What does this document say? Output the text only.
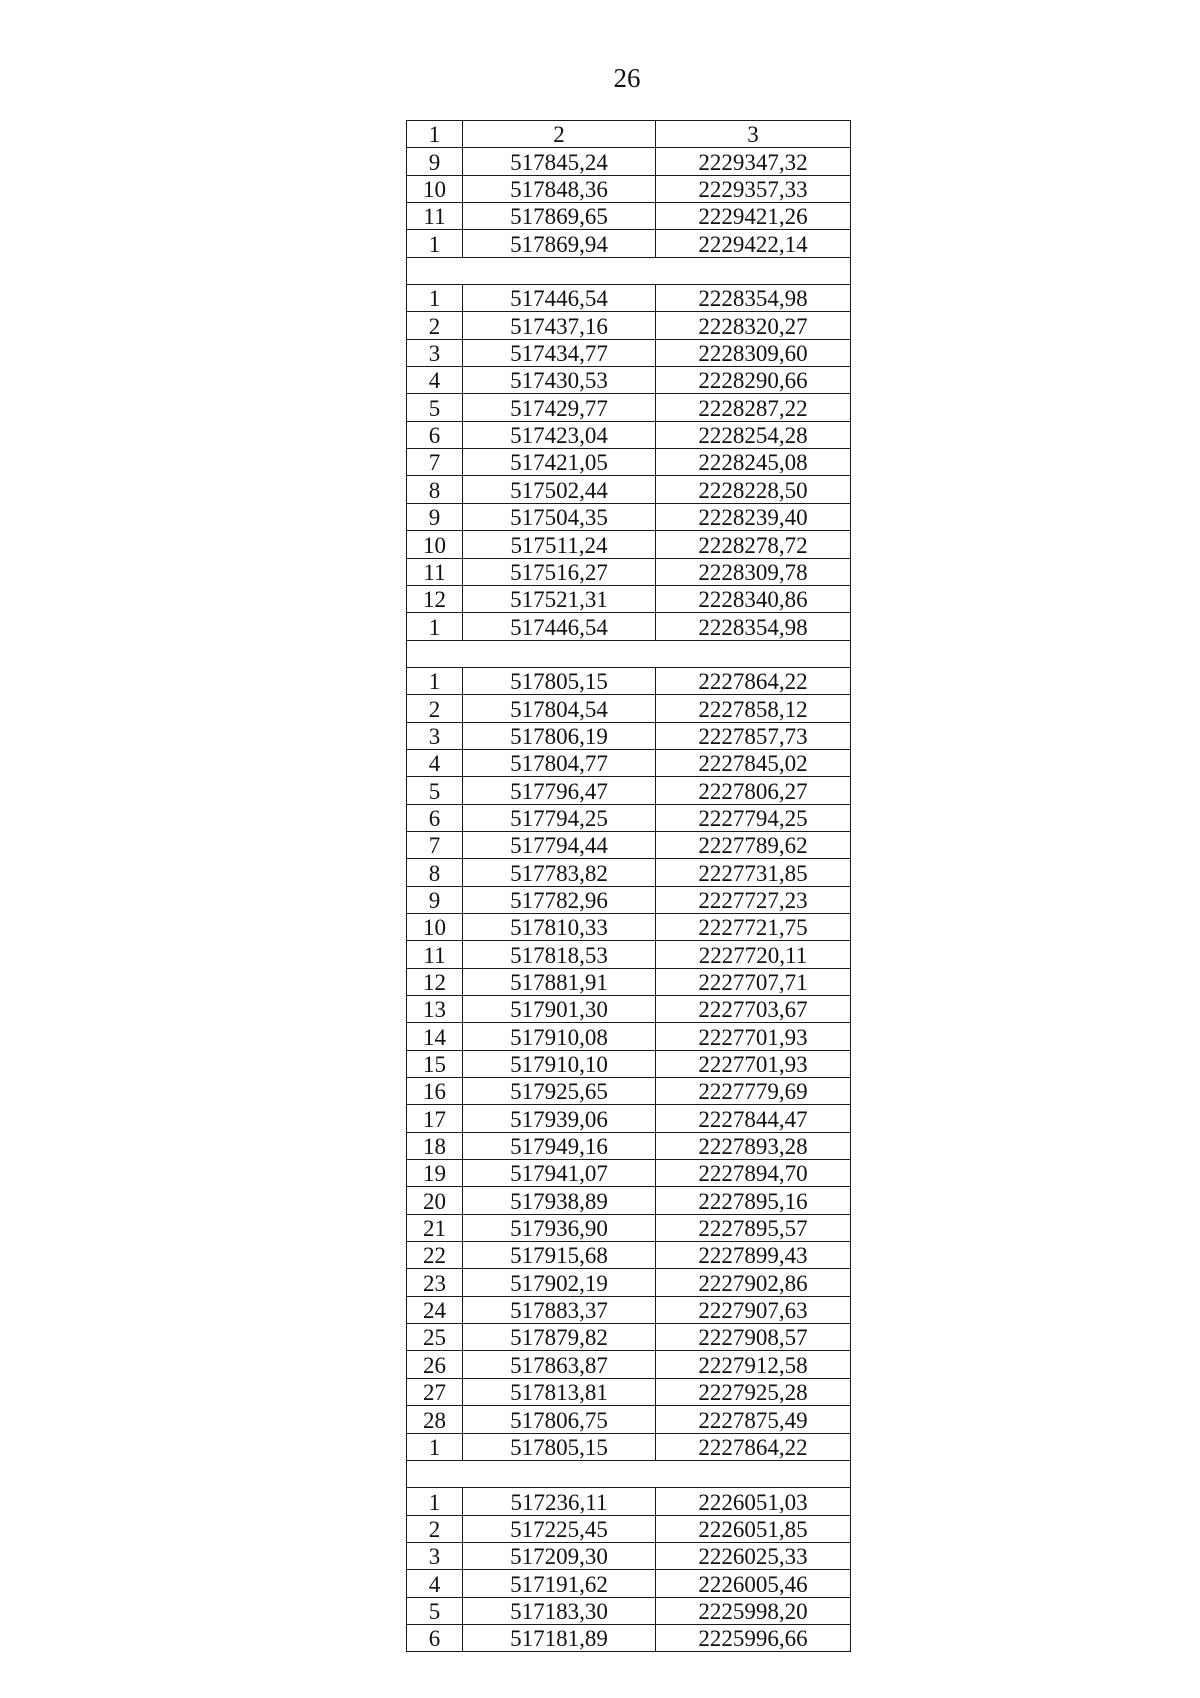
26
1	2	3
9	517845,24	2229347,32
10	517848,36	2229357,33
11	517869,65	2229421,26
1	517869,94	2229422,14

1	517446,54	2228354,98
2	517437,16	2228320,27
3	517434,77	2228309,60
4	517430,53	2228290,66
5	517429,77	2228287,22
6	517423,04	2228254,28
7	517421,05	2228245,08
8	517502,44	2228228,50
9	517504,35	2228239,40
10	517511,24	2228278,72
11	517516,27	2228309,78
12	517521,31	2228340,86
1	517446,54	2228354,98

1	517805,15	2227864,22
2	517804,54	2227858,12
3	517806,19	2227857,73
4	517804,77	2227845,02
5	517796,47	2227806,27
6	517794,25	2227794,25
7	517794,44	2227789,62
8	517783,82	2227731,85
9	517782,96	2227727,23
10	517810,33	2227721,75
11	517818,53	2227720,11
12	517881,91	2227707,71
13	517901,30	2227703,67
14	517910,08	2227701,93
15	517910,10	2227701,93
16	517925,65	2227779,69
17	517939,06	2227844,47
18	517949,16	2227893,28
19	517941,07	2227894,70
20	517938,89	2227895,16
21	517936,90	2227895,57
22	517915,68	2227899,43
23	517902,19	2227902,86
24	517883,37	2227907,63
25	517879,82	2227908,57
26	517863,87	2227912,58
27	517813,81	2227925,28
28	517806,75	2227875,49
1	517805,15	2227864,22

1	517236,11	2226051,03
2	517225,45	2226051,85
3	517209,30	2226025,33
4	517191,62	2226005,46
5	517183,30	2225998,20
6	517181,89	2225996,66
